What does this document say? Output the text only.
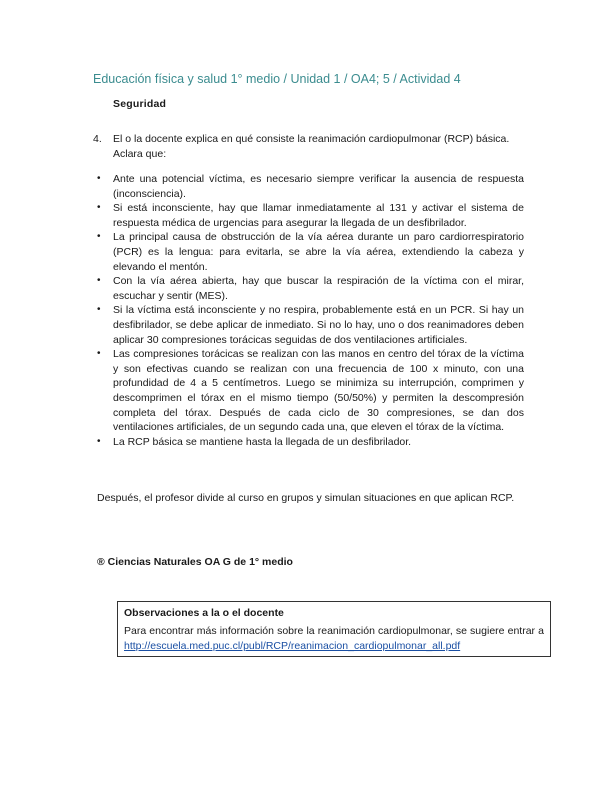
Educación física y salud 1° medio / Unidad 1 / OA4; 5 / Actividad 4
Seguridad
4. El o la docente explica en qué consiste la reanimación cardiopulmonar (RCP) básica. Aclara que:
•	Ante una potencial víctima, es necesario siempre verificar la ausencia de respuesta (inconsciencia).
•	Si está inconsciente, hay que llamar inmediatamente al 131 y activar el sistema de respuesta médica de urgencias para asegurar la llegada de un desfibrilador.
•	La principal causa de obstrucción de la vía aérea durante un paro cardiorrespiratorio (PCR) es la lengua: para evitarla, se abre la vía aérea, extendiendo la cabeza y elevando el mentón.
•	Con la vía aérea abierta, hay que buscar la respiración de la víctima con el mirar, escuchar y sentir (MES).
•	Si la víctima está inconsciente y no respira, probablemente está en un PCR. Si hay un desfibrilador, se debe aplicar de inmediato. Si no lo hay, uno o dos reanimadores deben aplicar 30 compresiones torácicas seguidas de dos ventilaciones artificiales.
•	Las compresiones torácicas se realizan con las manos en centro del tórax de la víctima y son efectivas cuando se realizan con una frecuencia de 100 x minuto, con una profundidad de 4 a 5 centímetros. Luego se minimiza su interrupción, comprimen y descomprimen el tórax en el mismo tiempo (50/50%) y permiten la descompresión completa del tórax. Después de cada ciclo de 30 compresiones, se dan dos ventilaciones artificiales, de un segundo cada una, que eleven el tórax de la víctima.
•	La RCP básica se mantiene hasta la llegada de un desfibrilador.
Después, el profesor divide al curso en grupos y simulan situaciones en que aplican RCP.
® Ciencias Naturales OA G de 1° medio
Observaciones a la o el docente
Para encontrar más información sobre la reanimación cardiopulmonar, se sugiere entrar a http://escuela.med.puc.cl/publ/RCP/reanimacion_cardiopulmonar_all.pdf
